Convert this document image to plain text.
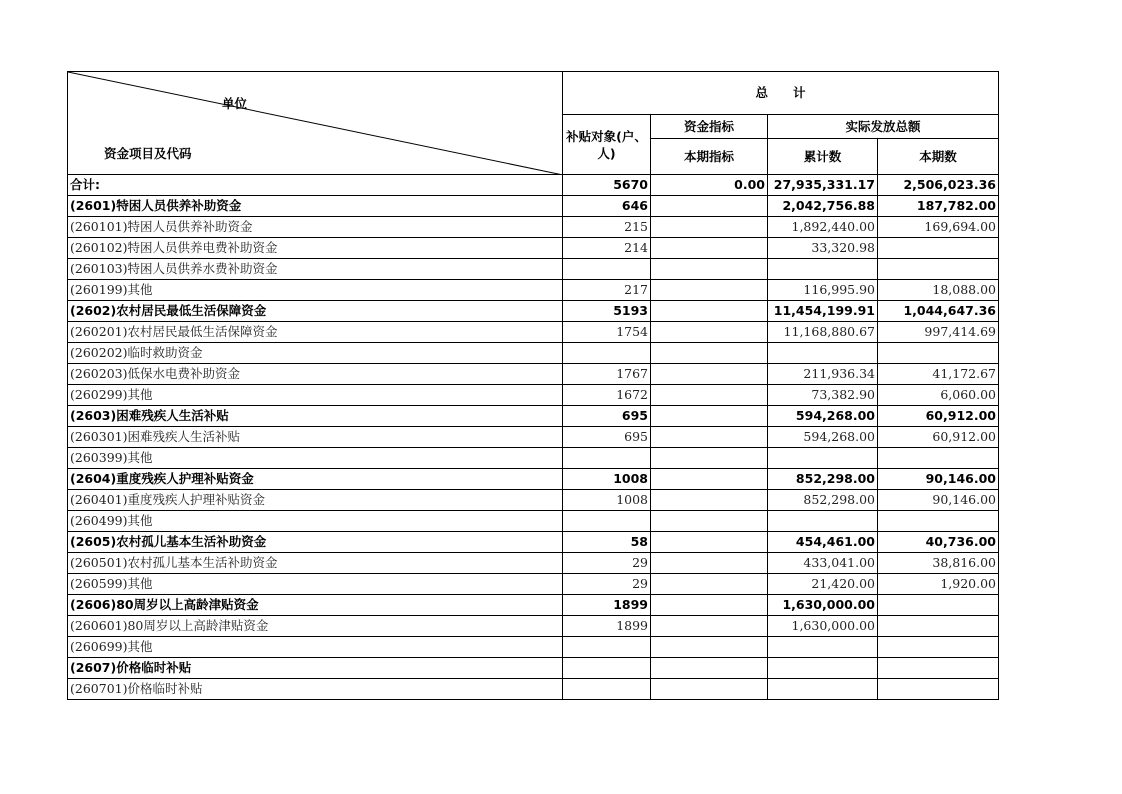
单位
资金项目及代码	总　　计			
	补贴对象(户、人)	资金指标	实际发放总额	
		本期指标	累计数	本期数
合计:	5670	0.00	27,935,331.17	2,506,023.36
(2601)特困人员供养补助资金	646		2,042,756.88	187,782.00
(260101)特困人员供养补助资金	215		1,892,440.00	169,694.00
(260102)特困人员供养电费补助资金	214		33,320.98	
(260103)特困人员供养水费补助资金				
(260199)其他	217		116,995.90	18,088.00
(2602)农村居民最低生活保障资金	5193		11,454,199.91	1,044,647.36
(260201)农村居民最低生活保障资金	1754		11,168,880.67	997,414.69
(260202)临时救助资金				
(260203)低保水电费补助资金	1767		211,936.34	41,172.67
(260299)其他	1672		73,382.90	6,060.00
(2603)困难残疾人生活补贴	695		594,268.00	60,912.00
(260301)困难残疾人生活补贴	695		594,268.00	60,912.00
(260399)其他				
(2604)重度残疾人护理补贴资金	1008		852,298.00	90,146.00
(260401)重度残疾人护理补贴资金	1008		852,298.00	90,146.00
(260499)其他				
(2605)农村孤儿基本生活补助资金	58		454,461.00	40,736.00
(260501)农村孤儿基本生活补助资金	29		433,041.00	38,816.00
(260599)其他	29		21,420.00	1,920.00
(2606)80周岁以上高龄津贴资金	1899		1,630,000.00	
(260601)80周岁以上高龄津贴资金	1899		1,630,000.00	
(260699)其他				
(2607)价格临时补贴				
(260701)价格临时补贴				
